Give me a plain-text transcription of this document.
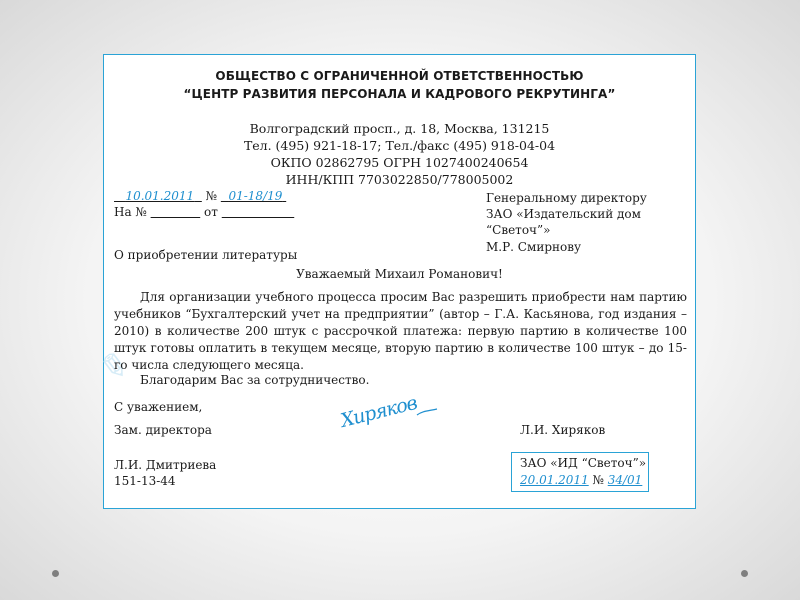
✎
ОБЩЕСТВО С ОГРАНИЧЕННОЙ ОТВЕТСТВЕННОСТЬЮ
“ЦЕНТР РАЗВИТИЯ ПЕРСОНАЛА И КАДРОВОГО РЕКРУТИНГА”
Волгоградский просп., д. 18, Москва, 131215
Тел. (495) 921-18-17; Тел./факс (495) 918-04-04
ОКПО 02862795 ОГРН 1027400240654
ИНН/КПП 7703022850/778005002
10.01.2011 № 01-18/19
На №	от
Генеральному директору
ЗАО «Издательский дом
“Светоч”»
М.Р. Смирнову
О приобретении литературы
Уважаемый Михаил Романович!
Для организации учебного процесса просим Вас разрешить приобрести нам партию учебников “Бухгалтерский учет на предприятии” (автор – Г.А. Касьянова, год издания – 2010) в количестве 200 штук с рассрочкой платежа: первую партию в количестве 100 штук готовы оплатить в текущем месяце, вторую партию в количестве 100 штук – до 15-го числа следующего месяца.
Благодарим Вас за сотрудничество.
С уважением,
Зам. директора	Хиряков	Л.И. Хиряков
Л.И. Дмитриева
151-13-44
ЗАО «ИД “Светоч”»
20.01.2011 № 34/01
